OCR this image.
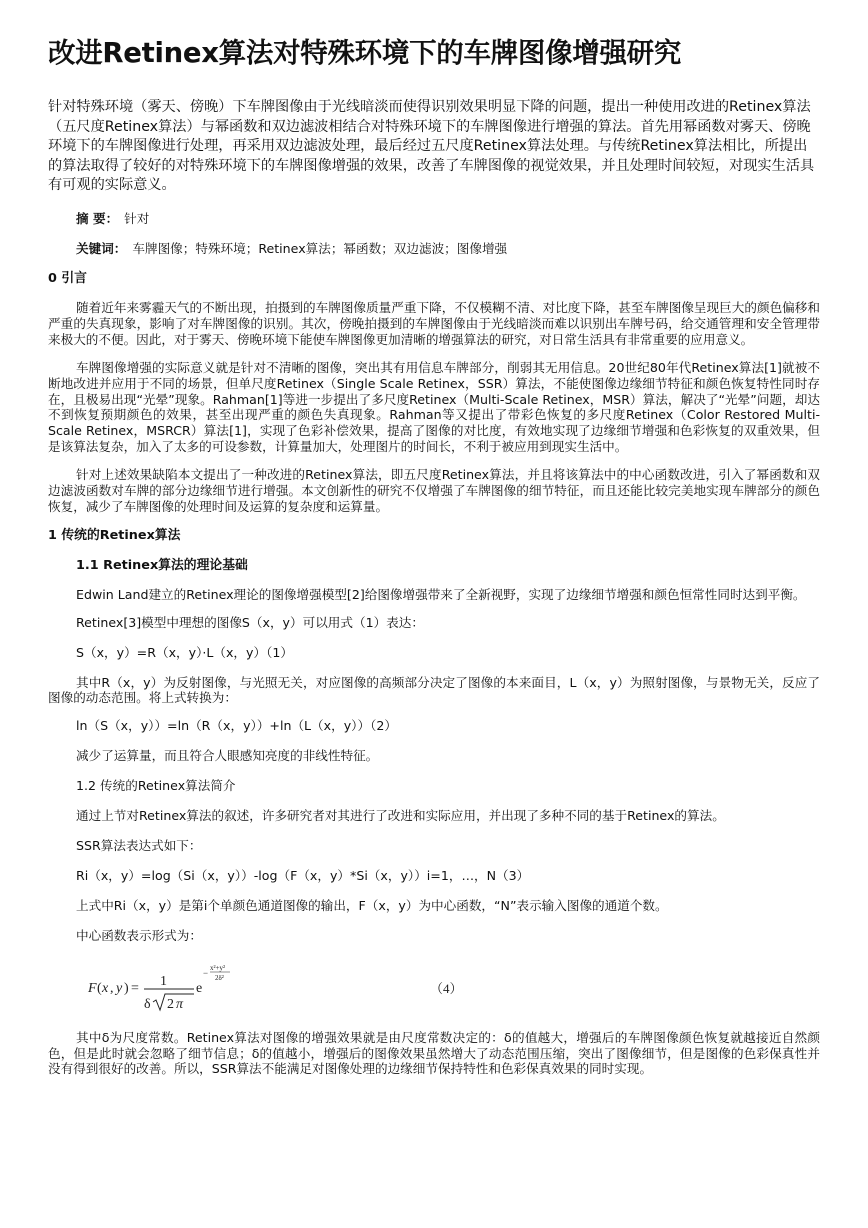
改进Retinex算法对特殊环境下的车牌图像增强研究

针对特殊环境（雾天、傍晚）下车牌图像由于光线暗淡而使得识别效果明显下降的问题，提出一种使用改进的Retinex算法（五尺度Retinex算法）与幂函数和双边滤波相结合对特殊环境下的车牌图像进行增强的算法。首先用幂函数对雾天、傍晚环境下的车牌图像进行处理，再采用双边滤波处理，最后经过五尺度Retinex算法处理。与传统Retinex算法相比，所提出的算法取得了较好的对特殊环境下的车牌图像增强的效果，改善了车牌图像的视觉效果，并且处理时间较短，对现实生活具有可观的实际意义。

摘 要： 针对
关键词： 车牌图像；特殊环境；Retinex算法；幂函数；双边滤波；图像增强
0 引言

随着近年来雾霾天气的不断出现，拍摄到的车牌图像质量严重下降，不仅模糊不清、对比度下降，甚至车牌图像呈现巨大的颜色偏移和严重的失真现象，影响了对车牌图像的识别。其次，傍晚拍摄到的车牌图像由于光线暗淡而难以识别出车牌号码，给交通管理和安全管理带来极大的不便。因此，对于雾天、傍晚环境下能使车牌图像更加清晰的增强算法的研究，对日常生活具有非常重要的应用意义。

车牌图像增强的实际意义就是针对不清晰的图像，突出其有用信息车牌部分，削弱其无用信息。20世纪80年代Retinex算法[1]就被不断地改进并应用于不同的场景，但单尺度Retinex（Single Scale Retinex，SSR）算法，不能使图像边缘细节特征和颜色恢复特性同时存在，且极易出现“光晕”现象。Rahman[1]等进一步提出了多尺度Retinex（Multi-Scale Retinex，MSR）算法，解决了“光晕”问题，却达不到恢复预期颜色的效果，甚至出现严重的颜色失真现象。Rahman等又提出了带彩色恢复的多尺度Retinex（Color Restored Multi-Scale Retinex，MSRCR）算法[1]，实现了色彩补偿效果，提高了图像的对比度，有效地实现了边缘细节增强和色彩恢复的双重效果，但是该算法复杂，加入了太多的可设参数，计算量加大，处理图片的时间长，不利于被应用到现实生活中。

针对上述效果缺陷本文提出了一种改进的Retinex算法，即五尺度Retinex算法，并且将该算法中的中心函数改进，引入了幂函数和双边滤波函数对车牌的部分边缘细节进行增强。本文创新性的研究不仅增强了车牌图像的细节特征，而且还能比较完美地实现车牌部分的颜色恢复，减少了车牌图像的处理时间及运算的复杂度和运算量。

1 传统的Retinex算法
1.1 Retinex算法的理论基础

Edwin Land建立的Retinex理论的图像增强模型[2]给图像增强带来了全新视野，实现了边缘细节增强和颜色恒常性同时达到平衡。

Retinex[3]模型中理想的图像S（x，y）可以用式（1）表达：

S（x，y）=R（x，y）·L（x，y）（1）

其中R（x，y）为反射图像，与光照无关，对应图像的高频部分决定了图像的本来面目，L（x，y）为照射图像，与景物无关，反应了图像的动态范围。将上式转换为：

ln（S（x，y））=ln（R（x，y））+ln（L（x，y））（2）

减少了运算量，而且符合人眼感知亮度的非线性特征。

1.2 传统的Retinex算法简介

通过上节对Retinex算法的叙述，许多研究者对其进行了改进和实际应用，并出现了多种不同的基于Retinex的算法。

SSR算法表达式如下：

Ri（x，y）=log（Si（x，y））-log（F（x，y）*Si（x，y））i=1，…，N（3）

上式中Ri（x，y）是第i个单颜色通道图像的输出，F（x，y）为中心函数，“N”表示输入图像的通道个数。

中心函数表示形式为：

F ( x , y ) = 1
δ 2 π
e
− x²+y²
2δ²
（4）

其中δ为尺度常数。Retinex算法对图像的增强效果就是由尺度常数决定的：δ的值越大，增强后的车牌图像颜色恢复就越接近自然颜色，但是此时就会忽略了细节信息；δ的值越小，增强后的图像效果虽然增大了动态范围压缩，突出了图像细节，但是图像的色彩保真性并没有得到很好的改善。所以，SSR算法不能满足对图像处理的边缘细节保持特性和色彩保真效果的同时实现。
